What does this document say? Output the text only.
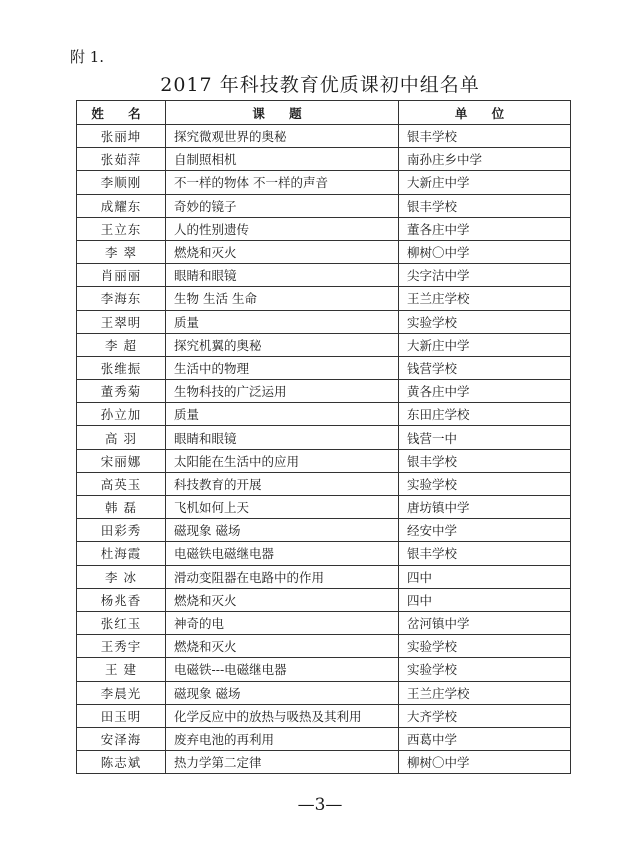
附 1.
2017 年科技教育优质课初中组名单
姓 名	课 题	单 位
张丽坤	探究微观世界的奥秘	银丰学校
张茹萍	自制照相机	南孙庄乡中学
李顺刚	不一样的物体 不一样的声音	大新庄中学
成耀东	奇妙的镜子	银丰学校
王立东	人的性别遗传	董各庄中学
李 翠	燃烧和灭火	柳树〇中学
肖丽丽	眼睛和眼镜	尖字沽中学
李海东	生物 生活 生命	王兰庄学校
王翠明	质量	实验学校
李 超	探究机翼的奥秘	大新庄中学
张维振	生活中的物理	钱营学校
董秀菊	生物科技的广泛运用	黄各庄中学
孙立加	质量	东田庄学校
高 羽	眼睛和眼镜	钱营一中
宋丽娜	太阳能在生活中的应用	银丰学校
高英玉	科技教育的开展	实验学校
韩 磊	飞机如何上天	唐坊镇中学
田彩秀	磁现象 磁场	经安中学
杜海霞	电磁铁电磁继电器	银丰学校
李 冰	滑动变阻器在电路中的作用	四中
杨兆香	燃烧和灭火	四中
张红玉	神奇的电	岔河镇中学
王秀宇	燃烧和灭火	实验学校
王 建	电磁铁---电磁继电器	实验学校
李晨光	磁现象 磁场	王兰庄学校
田玉明	化学反应中的放热与吸热及其利用	大齐学校
安泽海	废弃电池的再利用	西葛中学
陈志斌	热力学第二定律	柳树〇中学
—3—
